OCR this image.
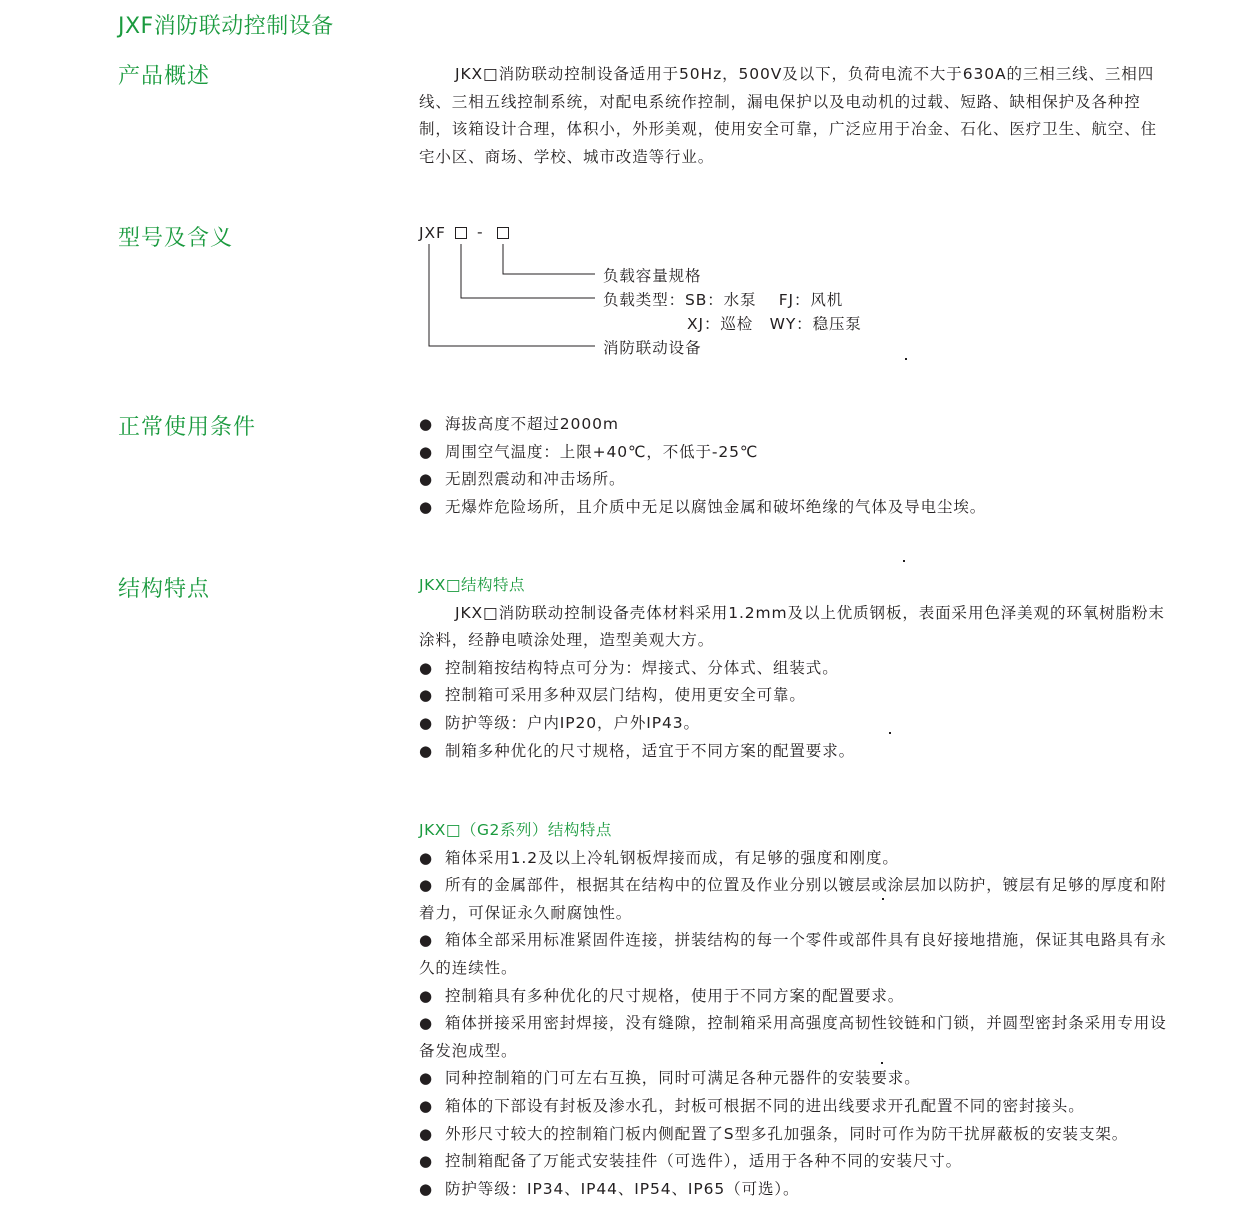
JXF消防联动控制设备
产品概述	JKX□消防联动控制设备适用于50Hz，500V及以下，负荷电流不大于630A的三相三线、三相四线、三相五线控制系统，对配电系统作控制，漏电保护以及电动机的过载、短路、缺相保护及各种控制，该箱设计合理，体积小，外形美观，使用安全可靠，广泛应用于冶金、石化、医疗卫生、航空、住宅小区、商场、学校、城市改造等行业。

型号及含义	JXF -
负载容量规格
负载类型：SB：水泵　 FJ：风机
XJ：巡检　WY：稳压泵
消防联动设备
正常使用条件	● 海拔高度不超过2000m

● 周围空气温度：上限+40℃，不低于-25℃

● 无剧烈震动和冲击场所。

● 无爆炸危险场所，且介质中无足以腐蚀金属和破坏绝缘的气体及导电尘埃。

结构特点	JKX□结构特点

JKX□消防联动控制设备壳体材料采用1.2mm及以上优质钢板，表面采用色泽美观的环氧树脂粉末涂料，经静电喷涂处理，造型美观大方。

● 控制箱按结构特点可分为：焊接式、分体式、组装式。

● 控制箱可采用多种双层门结构，使用更安全可靠。

● 防护等级：户内IP20，户外IP43。

● 制箱多种优化的尺寸规格，适宜于不同方案的配置要求。

JKX□（G2系列）结构特点

● 箱体采用1.2及以上冷轧钢板焊接而成，有足够的强度和刚度。

● 所有的金属部件，根据其在结构中的位置及作业分别以镀层或涂层加以防护，镀层有足够的厚度和附着力，可保证永久耐腐蚀性。

● 箱体全部采用标准紧固件连接，拼装结构的每一个零件或部件具有良好接地措施，保证其电路具有永久的连续性。

● 控制箱具有多种优化的尺寸规格，使用于不同方案的配置要求。

● 箱体拼接采用密封焊接，没有缝隙，控制箱采用高强度高韧性铰链和门锁，并圆型密封条采用专用设备发泡成型。

● 同种控制箱的门可左右互换，同时可满足各种元器件的安装要求。

● 箱体的下部设有封板及渗水孔，封板可根据不同的进出线要求开孔配置不同的密封接头。

● 外形尺寸较大的控制箱门板内侧配置了S型多孔加强条，同时可作为防干扰屏蔽板的安装支架。

● 控制箱配备了万能式安装挂件（可选件），适用于各种不同的安装尺寸。

● 防护等级：IP34、IP44、IP54、IP65（可选）。
